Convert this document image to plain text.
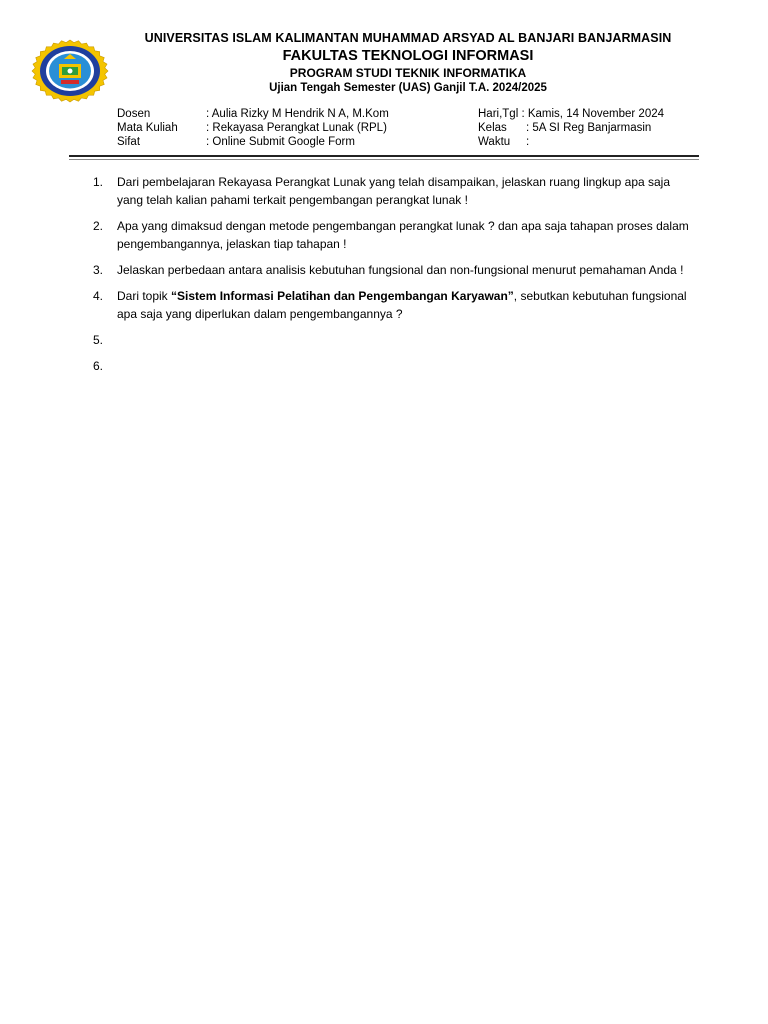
UNIVERSITAS ISLAM KALIMANTAN MUHAMMAD ARSYAD AL BANJARI BANJARMASIN
FAKULTAS TEKNOLOGI INFORMASI
PROGRAM STUDI TEKNIK INFORMATIKA
Ujian Tengah Semester (UAS) Ganjil T.A. 2024/2025
Dosen	: Aulia Rizky M Hendrik N A, M.Kom
Mata Kuliah	: Rekayasa Perangkat Lunak (RPL)
Sifat	: Online Submit Google Form
Hari,Tgl : Kamis, 14 November 2024
Kelas	: 5A SI Reg Banjarmasin
Waktu	:
1.	Dari pembelajaran Rekayasa Perangkat Lunak yang telah disampaikan, jelaskan ruang lingkup apa saja yang telah kalian pahami terkait pengembangan perangkat lunak !
2.	Apa yang dimaksud dengan metode pengembangan perangkat lunak ? dan apa saja tahapan proses dalam pengembangannya, jelaskan tiap tahapan !
3.	Jelaskan perbedaan antara analisis kebutuhan fungsional dan non-fungsional menurut pemahaman Anda !
4.	Dari topik “Sistem Informasi Pelatihan dan Pengembangan Karyawan”, sebutkan kebutuhan fungsional apa saja yang diperlukan dalam pengembangannya ?
5.
6.
